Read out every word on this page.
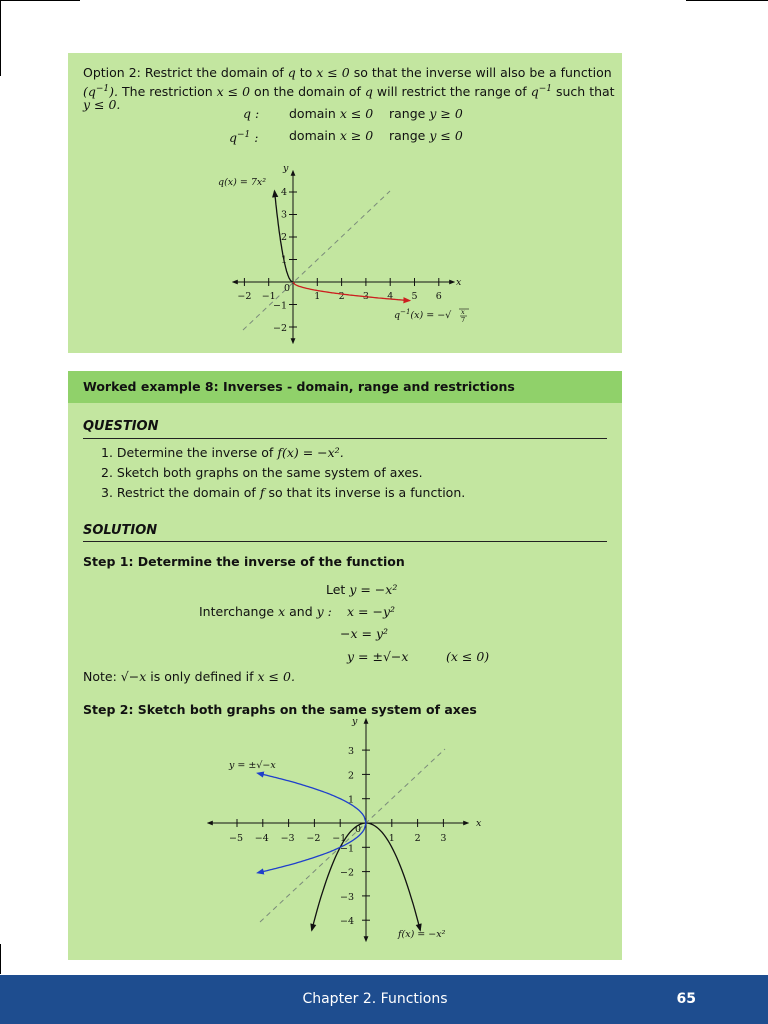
Option 2: Restrict the domain of q to x ≤ 0 so that the inverse will also be a function
$(q^{-1})$. The restriction x ≤ 0 on the domain of q will restrict the range of $q^{-1}$ such that
y ≤ 0.
q : domain x ≤ 0 range y ≥ 0
$q^{-1}$ : domain x ≥ 0 range y ≤ 0
−2 −1	1 2 3 4 5 6
1
2
3
4
−1
−2
y
x
0
q(x) = 7x²
$q^{-1}(x)$ = −√ x
7
Worked example 8: Inverses - domain, range and restrictions
QUESTION
1. Determine the inverse of f(x) = −x².
2. Sketch both graphs on the same system of axes.
3. Restrict the domain of f so that its inverse is a function.
SOLUTION
Step 1: Determine the inverse of the function
Let y = −x²
Interchange x and y : x = −y²
−x = y²
y = ±√−x	(x ≤ 0)
Note: √−x is only defined if x ≤ 0.
Step 2: Sketch both graphs on the same system of axes
−5 −4 −3 −2 −1	1 2 3
1
2
3
−1
−2
−3
−4
y
x
0
y = ±√−x
f(x) = −x²
Chapter 2. Functions	65
